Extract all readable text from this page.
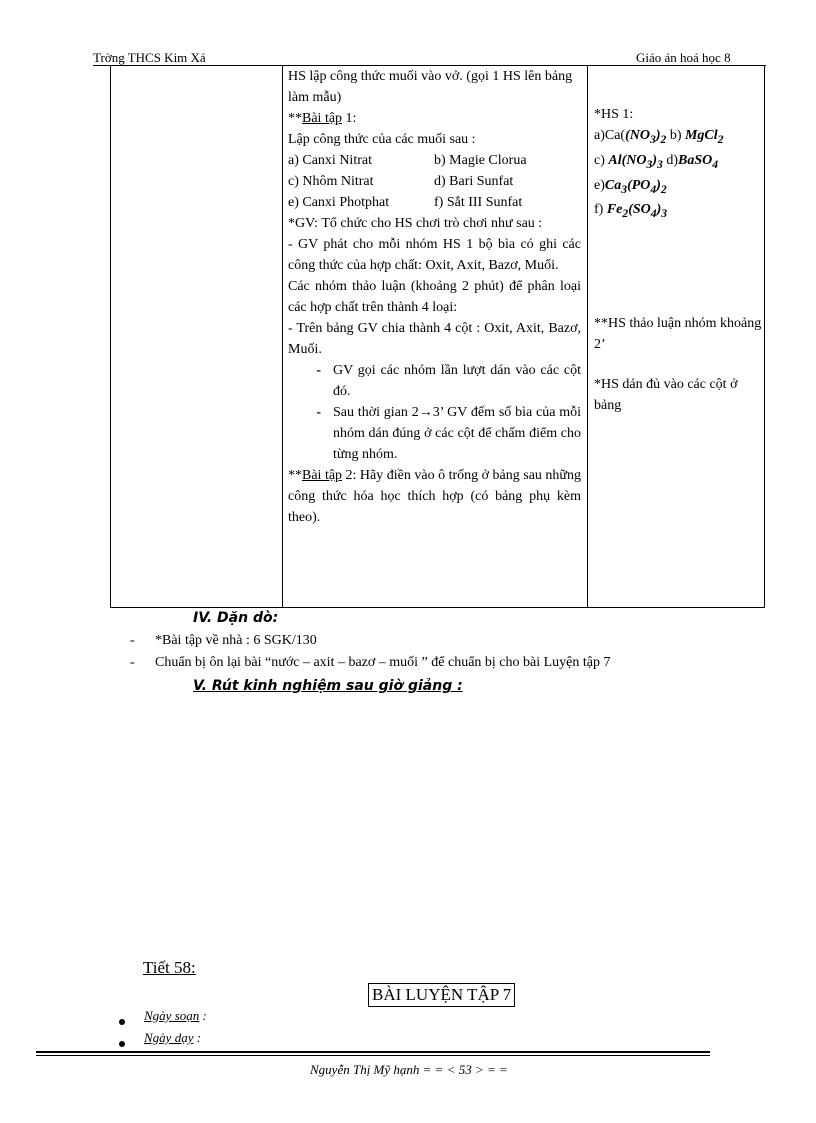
Trờng THCS Kim Xá	Giáo án hoá học 8

HS lập công thức muối vào vở. (gọi 1 HS lên bảng làm mẫu)

**Bài tập 1:

Lập công thức của các muối sau :

a) Canxi Nitrat	b) Magie Clorua
c) Nhôm Nitrat	d) Bari Sunfat
e) Canxi Photphat	f) Sắt III Sunfat

*GV: Tổ chức cho HS chơi trò chơi như sau :

- GV phát cho mỗi nhóm HS 1 bộ bìa có ghi các công thức của hợp chất: Oxit, Axit, Bazơ, Muối.

Các nhóm thảo luận (khoảng 2 phút) để phân loại các hợp chất trên thành 4 loại:

- Trên bảng GV chia thành 4 cột : Oxit, Axit, Bazơ, Muối.

- GV gọi các nhóm lần lượt dán vào các cột đó.
- Sau thời gian 2→3’ GV đếm số bìa của mỗi nhóm dán đúng ở các cột để chấm điểm cho từng nhóm.

**Bài tập 2: Hãy điền vào ô trống ở bảng sau những công thức hóa học thích hợp (có bảng phụ kèm theo).

*HS 1:

$a)Ca((NO_3)_2$ b) MgCl$_2$

c) $Al(NO_3)_3$ d)BaSO$_4$

$e)Ca_3(PO_4)_2$

f) $Fe_2(SO_4)_3$

**HS thảo luận nhóm khoảng 2’
*HS dán đủ vào các cột ở bảng
IV. Dặn dò:
- *Bài tập về nhà : 6 SGK/130
- Chuẩn bị ôn lại bài “nước – axit – bazơ – muối ” để chuẩn bị cho bài Luyện tập 7
V. Rút kinh nghiệm sau giờ giảng :
Tiết 58:
BÀI LUYỆN TẬP 7
Ngày soạn :
Ngày dạy :
Nguyễn Thị Mỹ hạnh = = < 53 > = =
